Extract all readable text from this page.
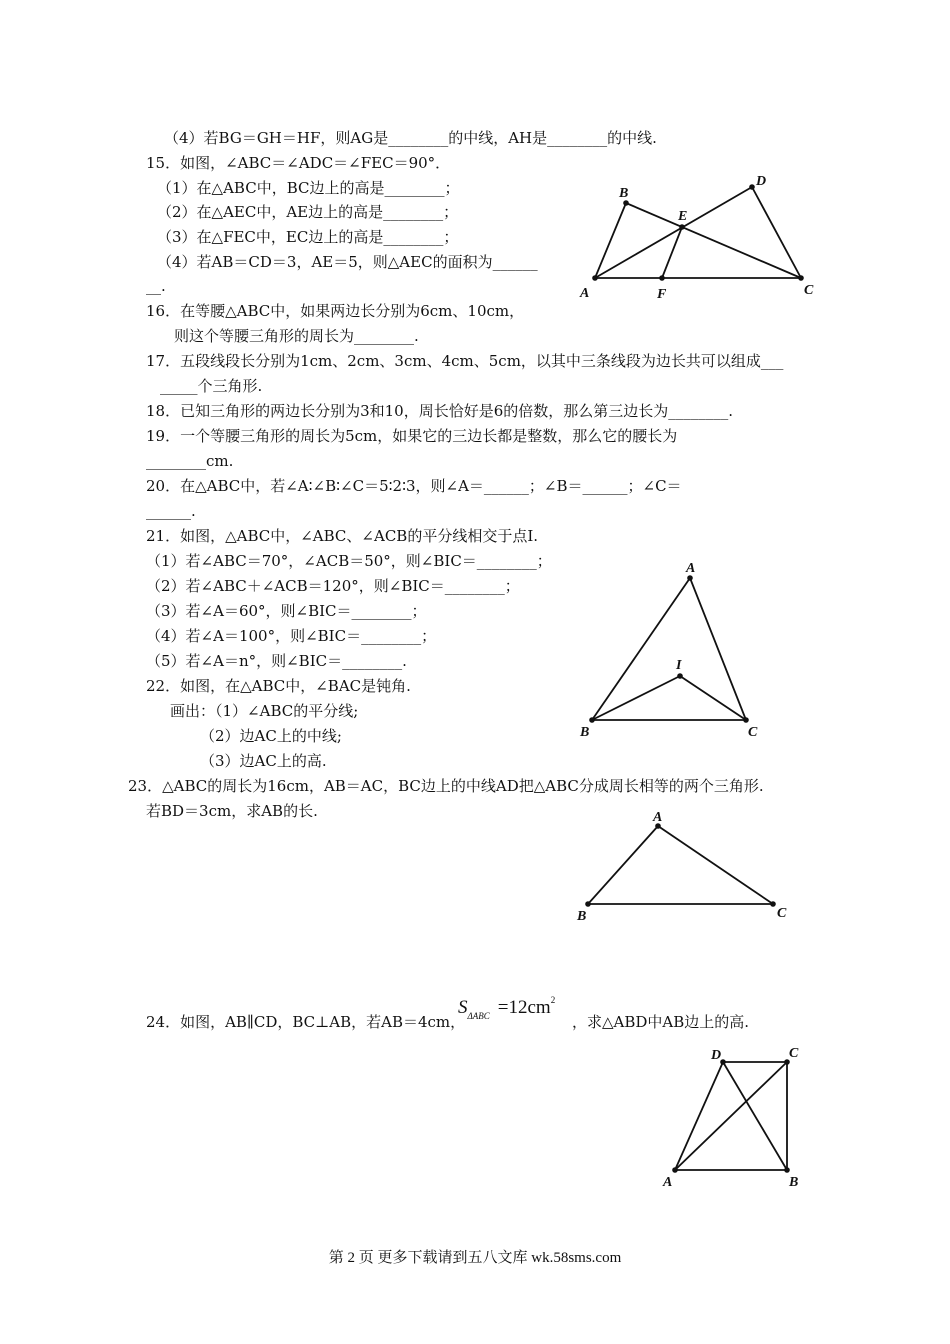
（4）若BG＝GH＝HF，则AG是________的中线，AH是________的中线.
15．如图，∠ABC＝∠ADC＝∠FEC＝90°．
（1）在△ABC中，BC边上的高是________；
（2）在△AEC中，AE边上的高是________；
（3）在△FEC中，EC边上的高是________；
（4）若AB＝CD＝3，AE＝5，则△AEC的面积为______
__.
16．在等腰△ABC中，如果两边长分别为6cm、10cm，
则这个等腰三角形的周长为________.
17．五段线段长分别为1cm、2cm、3cm、4cm、5cm，以其中三条线段为边长共可以组成___
_____个三角形.
18．已知三角形的两边长分别为3和10，周长恰好是6的倍数，那么第三边长为________.
19．一个等腰三角形的周长为5cm，如果它的三边长都是整数，那么它的腰长为
________cm.
20．在△ABC中，若∠A∶∠B∶∠C＝5∶2∶3，则∠A＝______；∠B＝______；∠C＝
______.
21．如图，△ABC中，∠ABC、∠ACB的平分线相交于点I.
（1）若∠ABC＝70°，∠ACB＝50°，则∠BIC＝________；
（2）若∠ABC＋∠ACB＝120°，则∠BIC＝________；
（3）若∠A＝60°，则∠BIC＝________；
（4）若∠A＝100°，则∠BIC＝________；
（5）若∠A＝n°，则∠BIC＝________.
22．如图，在△ABC中，∠BAC是钝角.
画出：（1）∠ABC的平分线;
（2）边AC上的中线;
（3）边AC上的高.
23．△ABC的周长为16cm，AB＝AC，BC边上的中线AD把△ABC分成周长相等的两个三角形.
若BD＝3cm，求AB的长.
24．如图，AB∥CD，BC⊥AB，若AB＝4cm，
$S_{\Delta ABC} =12cm^2$
，求△ABD中AB边上的高.
A
B
C
D
E
F
A
B	C
I
A
B	C
D	C
A	B
第 2 页 更多下载请到五八文库 wk.58sms.com
